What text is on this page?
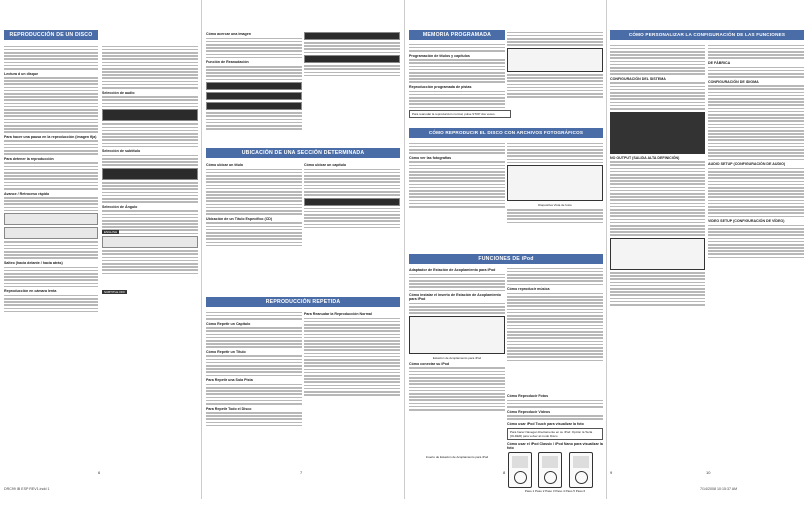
REPRODUCCIÓN DE UN DISCO
Lectura d un disque
Para hacer una pausa en la reproducción (imagen fija)
Para detener la reproducción
Avance / Retroceso rápido
Salteo (hacia delante / hacia atrás)
Reproducción en cámara lenta
Selección de audio
Selección de subtítulo
Selección de Ángulo
Cómo acercar una imagen
Función de Reanudación
UBICACIÓN DE UNA SECCIÓN DETERMINADA
Cómo ubicar un título
Ubicación de un Título Específico (CD)
Cómo ubicar un capítulo
REPRODUCCIÓN REPETIDA
Cómo Repetir un Capítulo
Cómo Repetir un Título
Para Repetir una Sola Pista
Para Repetir Todo el Disco
Para Reanudar la Reproducción Normal
MEMORIA PROGRAMADA
Programación de títulos y capítulos
Reproducción programada de pistas
CÓMO REPRODUCIR EL DISCO CON ARCHIVOS FOTOGRÁFICOS
Cómo ver las fotografías
Diapositiva Vista de fotos
FUNCIONES DE iPod
Adaptador de Estación de Acoplamiento para iPod
Cómo instalar el inserto de Estación de Acoplamiento para iPod
Estación de Acoplamiento para iPod
Cómo conectar su iPod
Cómo reproducir música
CÓMO PERSONALIZAR LA CONFIGURACIÓN DE LAS FUNCIONES
CONFIGURACIÓN DEL SISTEMA
NO OUTPUT (SALIDA ALTA DEFINICIÓN)
DE FÁBRICA
CONFIGURACIÓN DE IDIOMA
AUDIO SETUP (CONFIGURACIÓN DE AUDIO)
VIDEO SETUP (CONFIGURACIÓN DE VÍDEO)
6	7	8	10
DRC99 IB ESP REV1.indd 1	7/14/2008 10:15:37 AM
Cómo Reproducir Fotos
Cómo Reproducir Vídeos
Cómo usar iPod Touch para visualizar la foto
Para hacer Navegar directamente en su iPod: Opción la Tecla [OLDER] para volver al modo Disco
Cómo usar el iPod Classic / iPod Nano para visualizar la foto

Paso 1 Paso 2 Paso 3 Paso 4 Paso 5 Paso 6
Inserto de Estación de Acoplamiento para iPod
9
ENGLISH
SUBTITLE OFF
Para reanudar la reproducción normal, pulse STOP dos veces.
